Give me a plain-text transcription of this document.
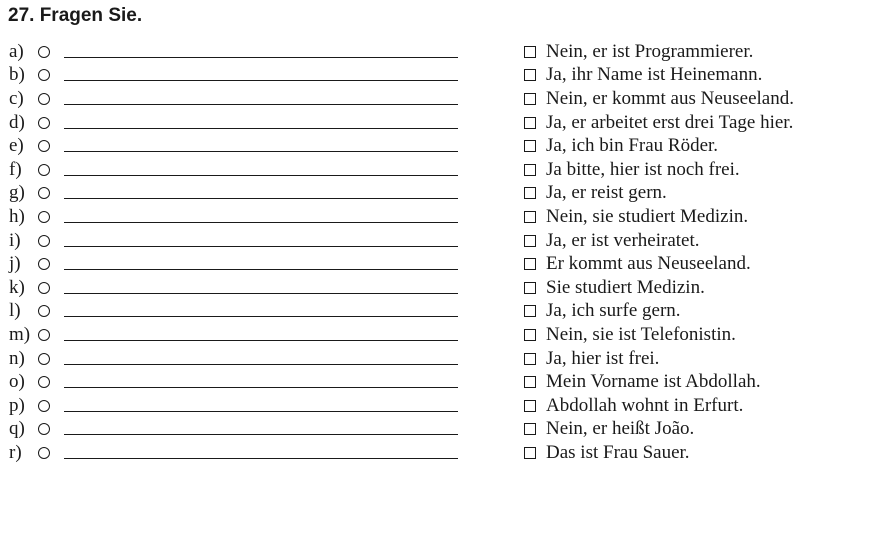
27. Fragen Sie.
a)
b)
c)
d)
e)
f)
g)
h)
i)
j)
k)
l)
m)
n)
o)
p)
q)
r)
Nein, er ist Programmierer.
Ja, ihr Name ist Heinemann.
Nein, er kommt aus Neuseeland.
Ja, er arbeitet erst drei Tage hier.
Ja, ich bin Frau Röder.
Ja bitte, hier ist noch frei.
Ja, er reist gern.
Nein, sie studiert Medizin.
Ja, er ist verheiratet.
Er kommt aus Neuseeland.
Sie studiert Medizin.
Ja, ich surfe gern.
Nein, sie ist Telefonistin.
Ja, hier ist frei.
Mein Vorname ist Abdollah.
Abdollah wohnt in Erfurt.
Nein, er heißt João.
Das ist Frau Sauer.
